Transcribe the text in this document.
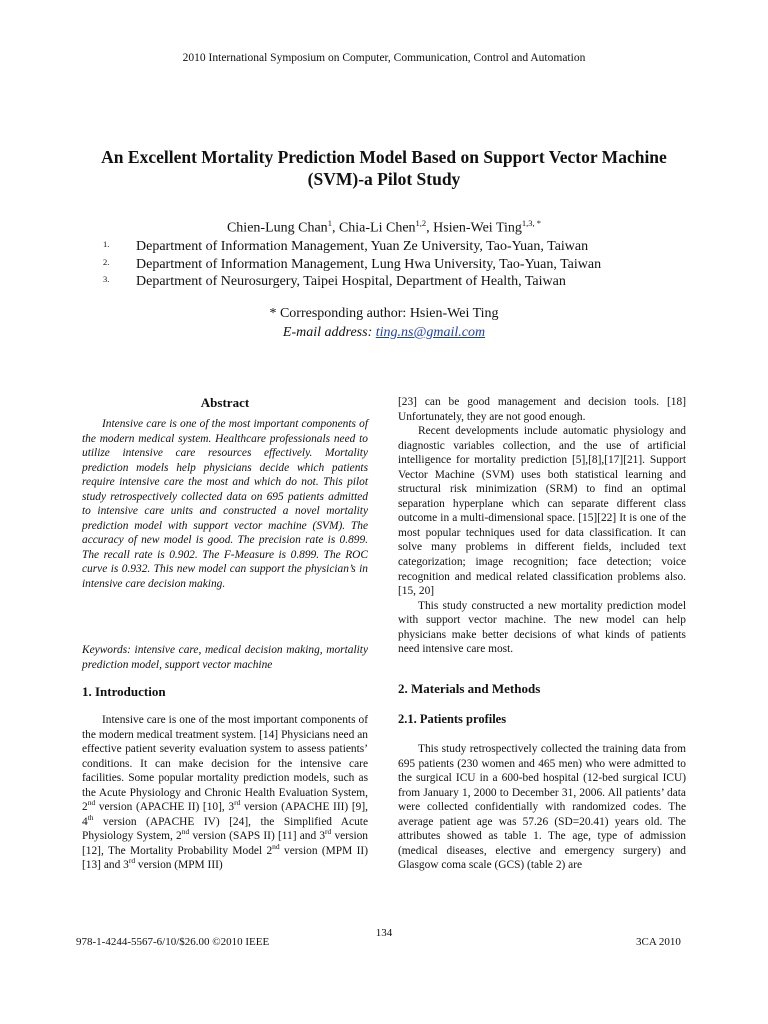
2010 International Symposium on Computer, Communication, Control and Automation
An Excellent Mortality Prediction Model Based on Support Vector Machine
(SVM)-a Pilot Study
Chien-Lung Chan$^1$, Chia-Li Chen$^{1,2}$, Hsien-Wei Ting$^{1,3, *}$
1. Department of Information Management, Yuan Ze University, Tao-Yuan, Taiwan
2. Department of Information Management, Lung Hwa University, Tao-Yuan, Taiwan
3. Department of Neurosurgery, Taipei Hospital, Department of Health, Taiwan
* Corresponding author: Hsien-Wei Ting
E-mail address: ting.ns@gmail.com
Abstract

Intensive care is one of the most important components of the modern medical system. Healthcare professionals need to utilize intensive care resources effectively. Mortality prediction models help physicians decide which patients require intensive care the most and which do not. This pilot study retrospectively collected data on 695 patients admitted to intensive care units and constructed a novel mortality prediction model with support vector machine (SVM). The accuracy of new model is good. The precision rate is 0.899. The recall rate is 0.902. The F-Measure is 0.899. The ROC curve is 0.932. This new model can support the physician’s in intensive care decision making.

Keywords: intensive care, medical decision making, mortality prediction model, support vector machine

1. Introduction

Intensive care is one of the most important components of the modern medical treatment system. [14] Physicians need an effective patient severity evaluation system to assess patients’ conditions. It can make decision for the intensive care facilities. Some popular mortality prediction models, such as the Acute Physiology and Chronic Health Evaluation System, 2nd version (APACHE II) [10], 3rd version (APACHE III) [9], 4th version (APACHE IV) [24], the Simplified Acute Physiology System, 2nd version (SAPS II) [11] and 3rd version [12], The Mortality Probability Model 2nd version (MPM II) [13] and 3rd version (MPM III)

[23] can be good management and decision tools. [18] Unfortunately, they are not good enough.

Recent developments include automatic physiology and diagnostic variables collection, and the use of artificial intelligence for mortality prediction [5],[8],[17][21]. Support Vector Machine (SVM) uses both statistical learning and structural risk minimization (SRM) to find an optimal separation hyperplane which can separate different class outcome in a multi-dimensional space. [15][22] It is one of the most popular techniques used for data classification. It can solve many problems in different fields, included text categorization; image recognition; face detection; voice recognition and medical related classification problems also. [15, 20]

This study constructed a new mortality prediction model with support vector machine. The new model can help physicians make better decisions of what kinds of patients need intensive care most.

2. Materials and Methods
2.1. Patients profiles

This study retrospectively collected the training data from 695 patients (230 women and 465 men) who were admitted to the surgical ICU in a 600-bed hospital (12-bed surgical ICU) from January 1, 2000 to December 31, 2006. All patients’ data were collected confidentially with randomized codes. The average patient age was 57.26 (SD=20.41) years old. The attributes showed as table 1. The age, type of admission (medical diseases, elective and emergency surgery) and Glasgow coma scale (GCS) (table 2) are

134
978-1-4244-5567-6/10/$26.00 ©2010 IEEE	3CA 2010
